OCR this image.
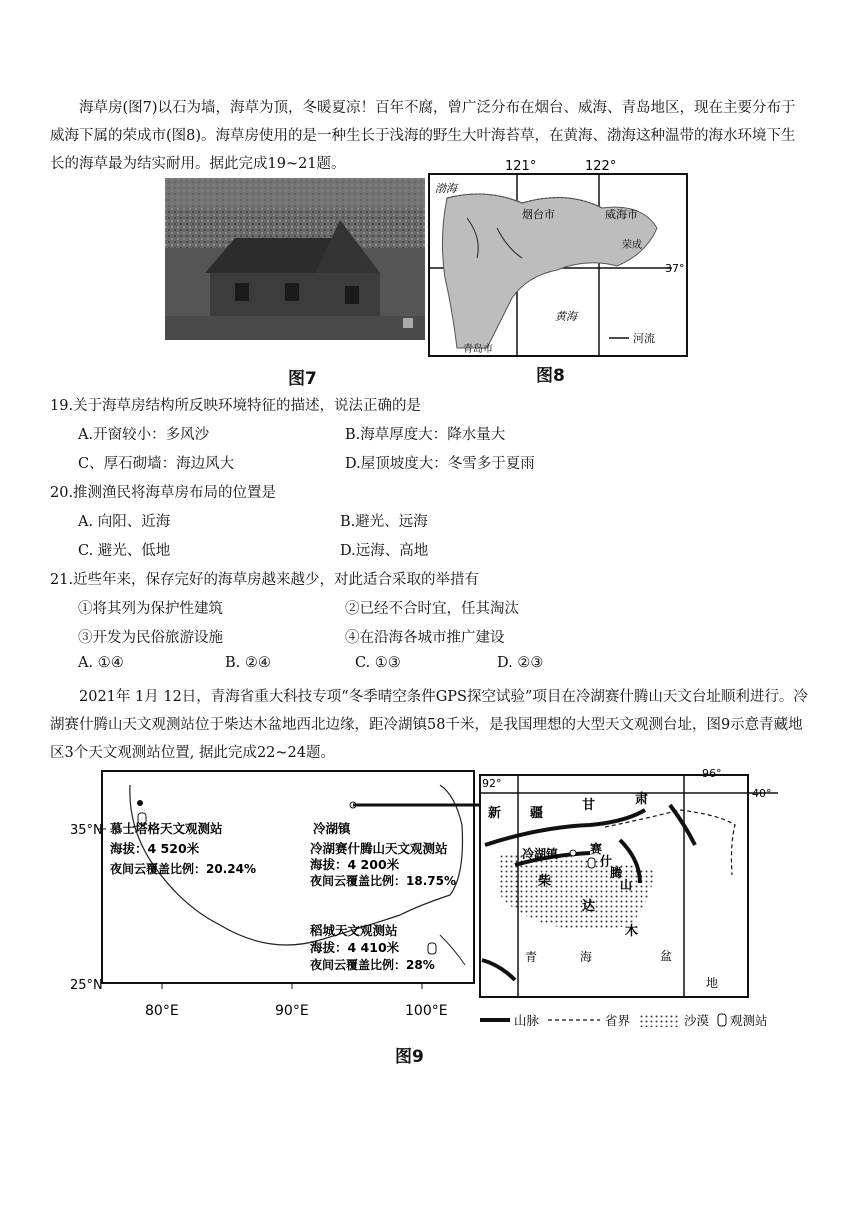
海草房(图7)以石为墙，海草为顶，冬暖夏凉！百年不腐，曾广泛分布在烟台、威海、青岛地区，现在主要分布于威海下属的荣成市(图8)。海草房使用的是一种生长于浅海的野生大叶海苔草，在黄海、渤海这种温带的海水环境下生长的海草最为结实耐用。据此完成19~21题。
图7
121°	122°
37°
渤海
烟台市	威海市
荣成
黄海
青岛市
河流
图8
19.关于海草房结构所反映环境特征的描述，说法正确的是
A.开窗较小：多风沙	B.海草厚度大：降水量大
C、厚石砌墙：海边风大	D.屋顶坡度大：冬雪多于夏雨
20.推测渔民将海草房布局的位置是
A. 向阳、近海	B.避光、远海
C. 避光、低地	D.远海、高地
21.近些年来，保存完好的海草房越来越少，对此适合采取的举措有
①将其列为保护性建筑	②已经不合时宜，任其淘汰
③开发为民俗旅游设施	④在沿海各城市推广建设
A. ①④	B. ②④	C. ①③	D. ②③
2021年 1月 12日，青海省重大科技专项“冬季晴空条件GPS探空试验”项目在冷湖赛什腾山天文台址顺利进行。冷湖赛什腾山天文观测站位于柴达木盆地西北边缘，距冷湖镇58千米，是我国理想的大型天文观测台址，图9示意青藏地区3个天文观测站位置, 据此完成22~24题。
35°N
25°N
80°E	90°E	100°E
慕士塔格天文观测站
海拔：4 520米
夜间云覆盖比例：20.24%
冷湖镇
冷湖赛什腾山天文观测站
海拔：4 200米
夜间云覆盖比例：18.75%
稻城天文观测站
海拔：4 410米
夜间云覆盖比例：28%
92°
96°
40°
新 疆
甘	肃
冷湖镇	赛
什
腾
山
柴
达
木
青	海	盆
地
山脉	省界	沙漠 观测站
图9
